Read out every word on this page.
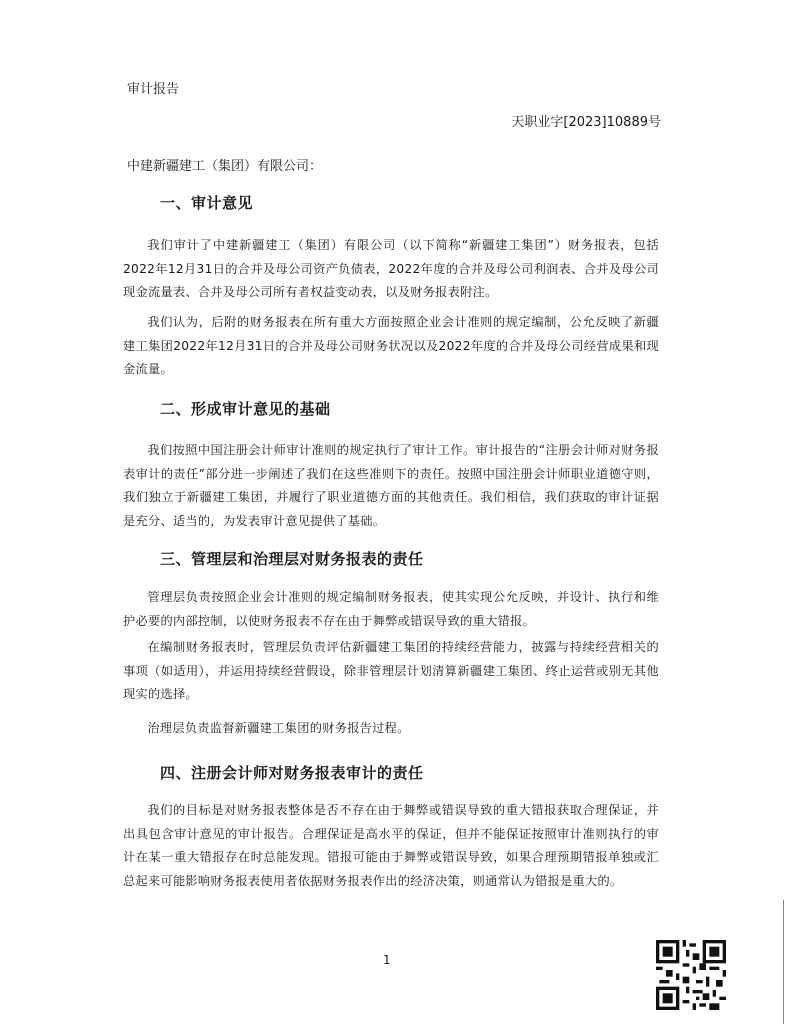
审计报告
天职业字[2023]10889号
中建新疆建工（集团）有限公司：
一、审计意见

我们审计了中建新疆建工（集团）有限公司（以下简称“新疆建工集团”）财务报表，包括2022年12月31日的合并及母公司资产负债表，2022年度的合并及母公司利润表、合并及母公司现金流量表、合并及母公司所有者权益变动表，以及财务报表附注。

我们认为，后附的财务报表在所有重大方面按照企业会计准则的规定编制，公允反映了新疆建工集团2022年12月31日的合并及母公司财务状况以及2022年度的合并及母公司经营成果和现金流量。

二、形成审计意见的基础

我们按照中国注册会计师审计准则的规定执行了审计工作。审计报告的“注册会计师对财务报表审计的责任”部分进一步阐述了我们在这些准则下的责任。按照中国注册会计师职业道德守则，我们独立于新疆建工集团，并履行了职业道德方面的其他责任。我们相信，我们获取的审计证据是充分、适当的，为发表审计意见提供了基础。

三、管理层和治理层对财务报表的责任

管理层负责按照企业会计准则的规定编制财务报表，使其实现公允反映，并设计、执行和维护必要的内部控制，以使财务报表不存在由于舞弊或错误导致的重大错报。

在编制财务报表时，管理层负责评估新疆建工集团的持续经营能力，披露与持续经营相关的事项（如适用），并运用持续经营假设，除非管理层计划清算新疆建工集团、终止运营或别无其他现实的选择。

治理层负责监督新疆建工集团的财务报告过程。

四、注册会计师对财务报表审计的责任

我们的目标是对财务报表整体是否不存在由于舞弊或错误导致的重大错报获取合理保证，并出具包含审计意见的审计报告。合理保证是高水平的保证，但并不能保证按照审计准则执行的审计在某一重大错报存在时总能发现。错报可能由于舞弊或错误导致，如果合理预期错报单独或汇总起来可能影响财务报表使用者依据财务报表作出的经济决策，则通常认为错报是重大的。

1
